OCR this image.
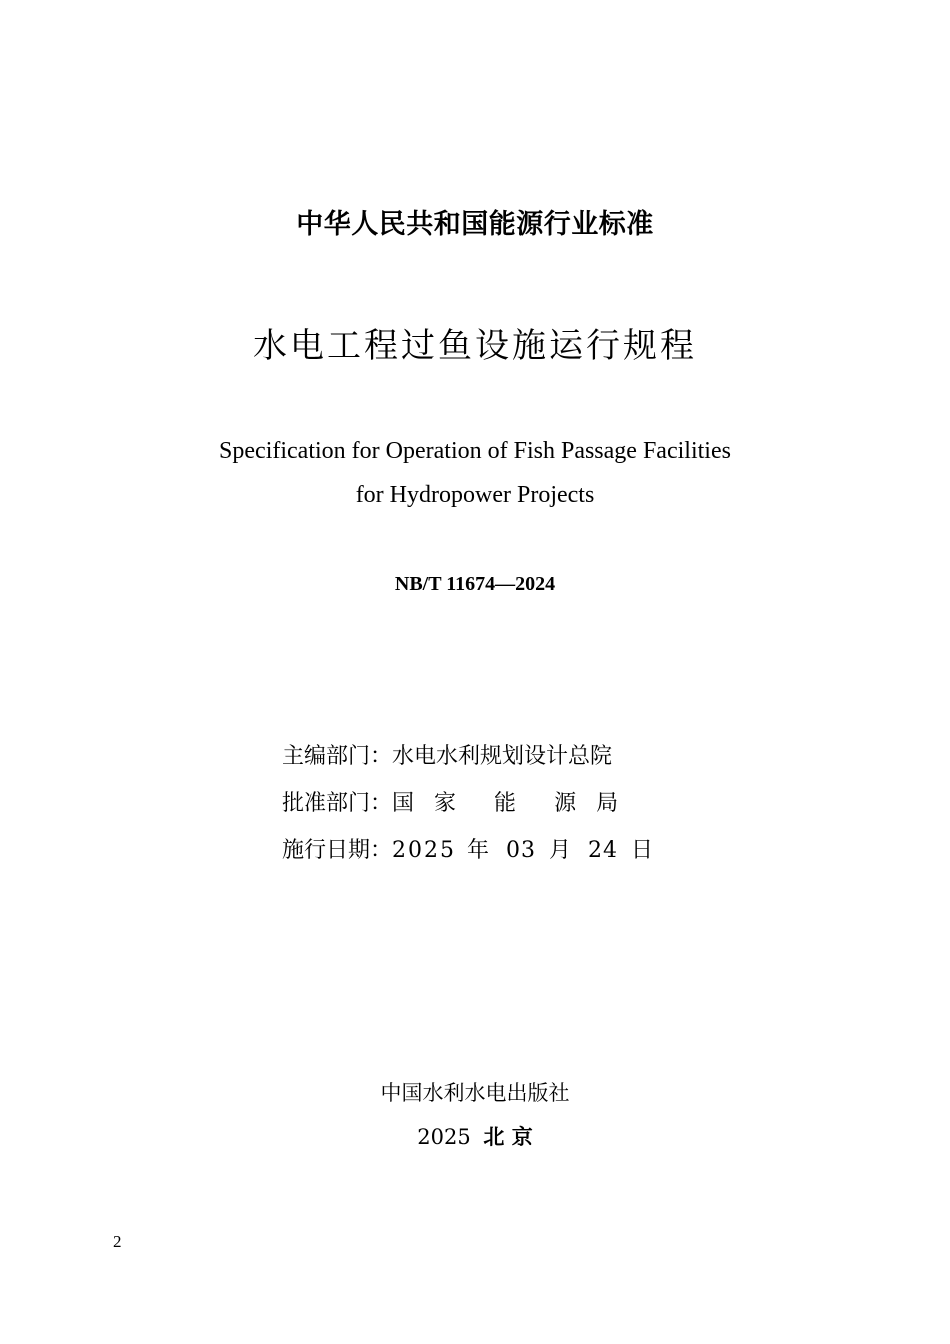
中华人民共和国能源行业标准
水电工程过鱼设施运行规程
Specification for Operation of Fish Passage Facilities
for Hydropower Projects
NB/T 11674—2024
主编部门：水电水利规划设计总院
批准部门：国 家 能 源 局
施行日期：2025 年 03 月 24 日
中国水利水电出版社
2025 北 京
2
